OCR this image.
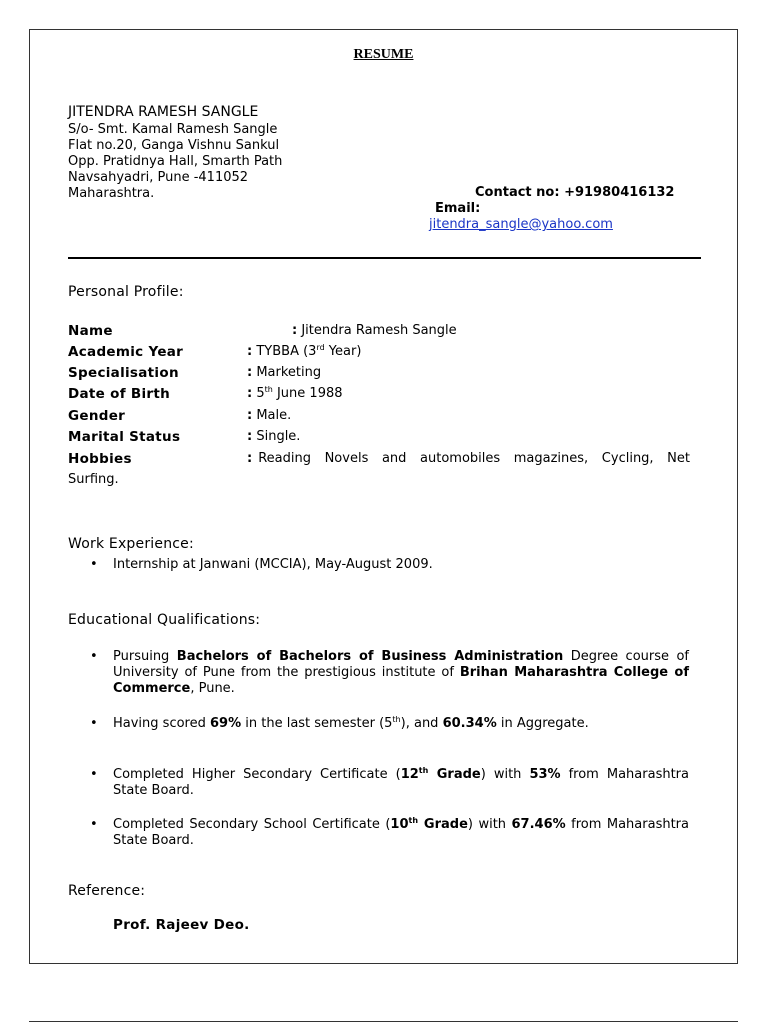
RESUME
JITENDRA RAMESH SANGLE
S/o- Smt. Kamal Ramesh Sangle
Flat no.20, Ganga Vishnu Sankul
Opp. Pratidnya Hall, Smarth Path
Navsahyadri, Pune -411052
Maharashtra.	Contact no: +91980416132
Email:
jitendra_sangle@yahoo.com
Personal Profile:
Name	: Jitendra Ramesh Sangle
Academic Year	: TYBBA (3rd Year)
Specialisation	: Marketing
Date of Birth	: 5th June 1988
Gender	: Male.
Marital Status	: Single.
Hobbies	: Reading Novels and automobiles magazines, Cycling, Net
Surfing.
Work Experience:
• Internship at Janwani (MCCIA), May-August 2009.
Educational Qualifications:
• Pursuing Bachelors of Bachelors of Business Administration Degree course of University of Pune from the prestigious institute of Brihan Maharashtra College of Commerce, Pune.
• Having scored 69% in the last semester (5th), and 60.34% in Aggregate.
• Completed Higher Secondary Certificate (12th Grade) with 53% from Maharashtra State Board.
• Completed Secondary School Certificate (10th Grade) with 67.46% from Maharashtra State Board.
Reference:
Prof. Rajeev Deo.
